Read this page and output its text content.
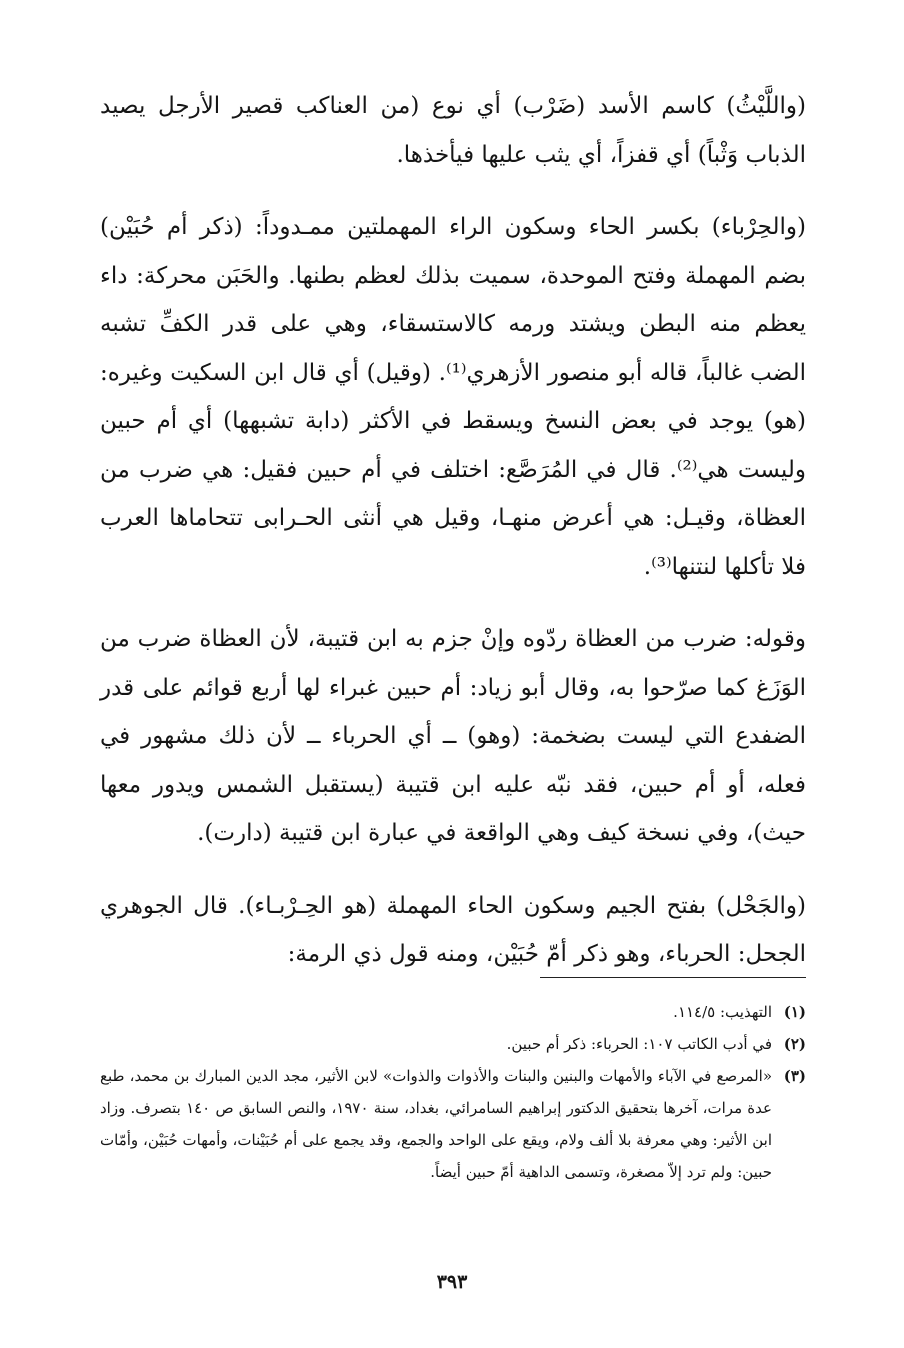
(واللَّيْثُ) كاسم الأسد (ضَرْب) أي نوع (من العناكب قصير الأرجل يصيد الذباب وَثْباً) أي قفزاً، أي يثب عليها فيأخذها.

(والحِرْباء) بكسر الحاء وسكون الراء المهملتين ممـدوداً: (ذكر أم حُبَيْن) بضم المهملة وفتح الموحدة، سميت بذلك لعظم بطنها. والحَبَن محركة: داء يعظم منه البطن ويشتد ورمه كالاستسقاء، وهي على قدر الكفِّ تشبه الضب غالباً، قاله أبو منصور الأزهري⁽¹⁾. (وقيل) أي قال ابن السكيت وغيره: (هو) يوجد في بعض النسخ ويسقط في الأكثر (دابة تشبهها) أي أم حبين وليست هي⁽²⁾. قال في المُرَصَّع: اختلف في أم حبين فقيل: هي ضرب من العظاة، وقيـل: هي أعرض منهـا، وقيل هي أنثى الحـرابى تتحاماها العرب فلا تأكلها لنتنها⁽³⁾.

وقوله: ضرب من العظاة ردّوه وإنْ جزم به ابن قتيبة، لأن العظاة ضرب من الوَزَغ كما صرّحوا به، وقال أبو زياد: أم حبين غبراء لها أربع قوائم على قدر الضفدع التي ليست بضخمة: (وهو) ــ أي الحرباء ــ لأن ذلك مشهور في فعله، أو أم حبين، فقد نبّه عليه ابن قتيبة (يستقبل الشمس ويدور معها حيث)، وفي نسخة كيف وهي الواقعة في عبارة ابن قتيبة (دارت).

(والجَحْل) بفتح الجيم وسكون الحاء المهملة (هو الحِـرْبـاء). قال الجوهري الجحل: الحرباء، وهو ذكر أمّ حُبَيْن، ومنه قول ذي الرمة:

(١)
التهذيب: ١١٤/٥.
(٢)
في أدب الكاتب ١٠٧: الحرباء: ذكر أم حبين.
(٣)
«المرصع في الآباء والأمهات والبنين والبنات والأذوات والذوات» لابن الأثير، مجد الدين المبارك بن محمد، طبع عدة مرات، آخرها بتحقيق الدكتور إبراهيم السامرائي، بغداد، سنة ١٩٧٠، والنص السابق ص ١٤٠ بتصرف. وزاد ابن الأثير: وهي معرفة بلا ألف ولام، ويقع على الواحد والجمع، وقد يجمع على أم حُبَيْنات، وأمهات حُبَيْن، وأمّات حبين: ولم ترد إلاّ مصغرة، وتسمى الداهية أمّ حبين أيضاً.
٣٩٣
